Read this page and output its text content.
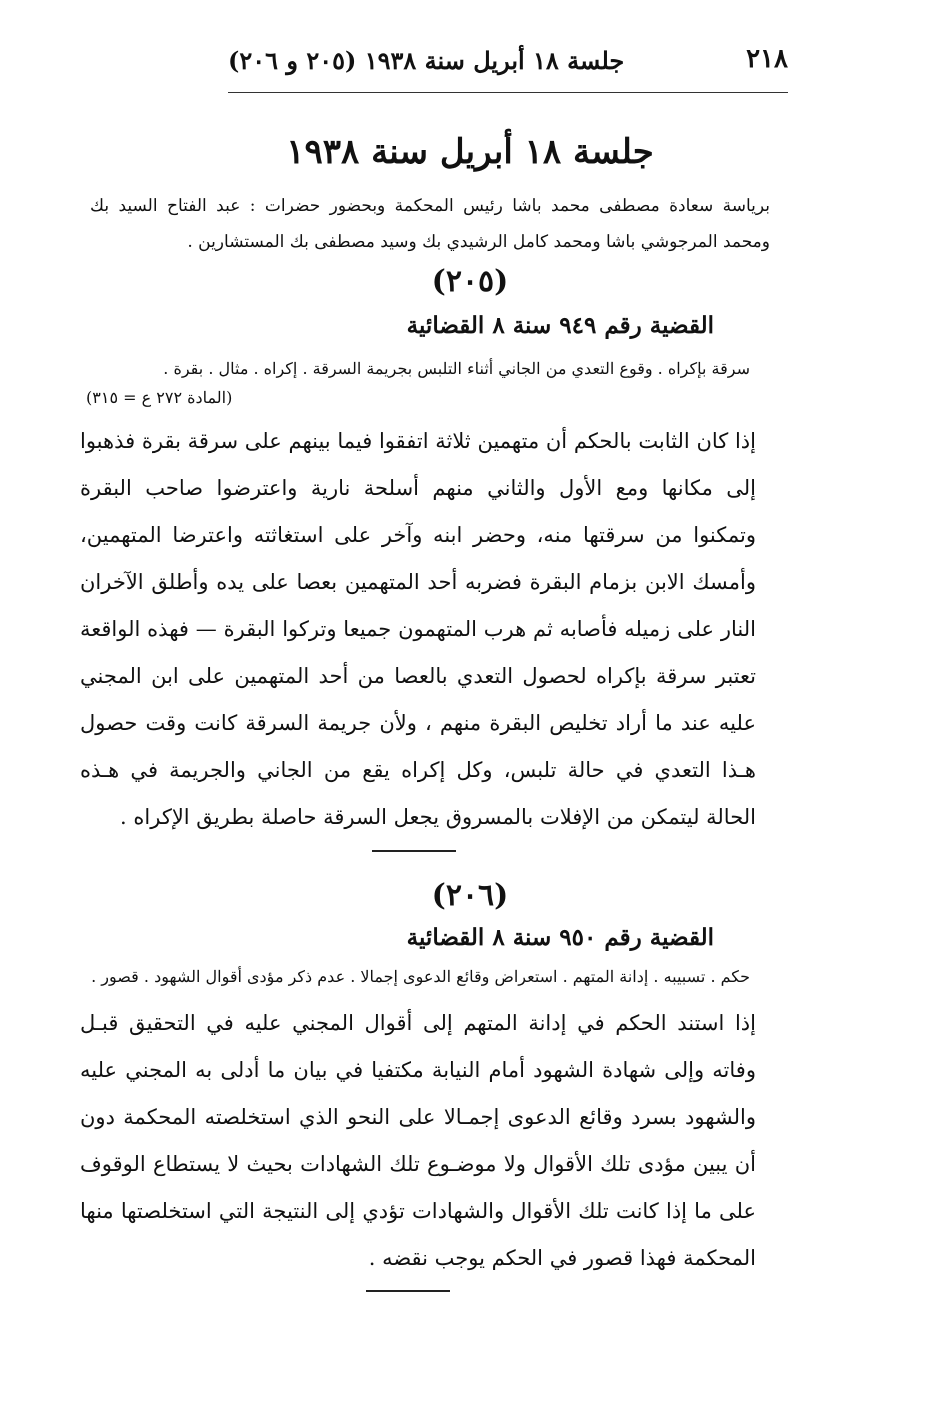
٢١٨
جلسة ١٨ أبريل سنة ١٩٣٨ (٢٠٥ و ٢٠٦)
جلسة ١٨ أبريل سنة ١٩٣٨
برياسة سعادة مصطفى محمد باشا رئيس المحكمة وبحضور حضرات : عبد الفتاح السيد بك ومحمد المرجوشي باشا ومحمد كامل الرشيدي بك وسيد مصطفى بك المستشارين .
(٢٠٥)
القضية رقم ٩٤٩ سنة ٨ القضائية
سرقة بإكراه . وقوع التعدي من الجاني أثناء التلبس بجريمة السرقة . إكراه . مثال . بقرة .
(المادة ٢٧٢ ع = ٣١٥)
إذا كان الثابت بالحكم أن متهمين ثلاثة اتفقوا فيما بينهم على سرقة بقرة فذهبوا إلى مكانها ومع الأول والثاني منهم أسلحة نارية واعترضوا صاحب البقرة وتمكنوا من سرقتها منه، وحضر ابنه وآخر على استغاثته واعترضا المتهمين، وأمسك الابن بزمام البقرة فضربه أحد المتهمين بعصا على يده وأطلق الآخران النار على زميله فأصابه ثم هرب المتهمون جميعا وتركوا البقرة — فهذه الواقعة تعتبر سرقة بإكراه لحصول التعدي بالعصا من أحد المتهمين على ابن المجني عليه عند ما أراد تخليص البقرة منهم ، ولأن جريمة السرقة كانت وقت حصول هـذا التعدي في حالة تلبس، وكل إكراه يقع من الجاني والجريمة في هـذه الحالة ليتمكن من الإفلات بالمسروق يجعل السرقة حاصلة بطريق الإكراه .
(٢٠٦)
القضية رقم ٩٥٠ سنة ٨ القضائية
حكم . تسبيبه . إدانة المتهم . استعراض وقائع الدعوى إجمالا . عدم ذكر مؤدى أقوال الشهود . قصور .
إذا استند الحكم في إدانة المتهم إلى أقوال المجني عليه في التحقيق قبـل وفاته وإلى شهادة الشهود أمام النيابة مكتفيا في بيان ما أدلى به المجني عليه والشهود بسرد وقائع الدعوى إجمـالا على النحو الذي استخلصته المحكمة دون أن يبين مؤدى تلك الأقوال ولا موضـوع تلك الشهادات بحيث لا يستطاع الوقوف على ما إذا كانت تلك الأقوال والشهادات تؤدي إلى النتيجة التي استخلصتها منها المحكمة فهذا قصور في الحكم يوجب نقضه .
